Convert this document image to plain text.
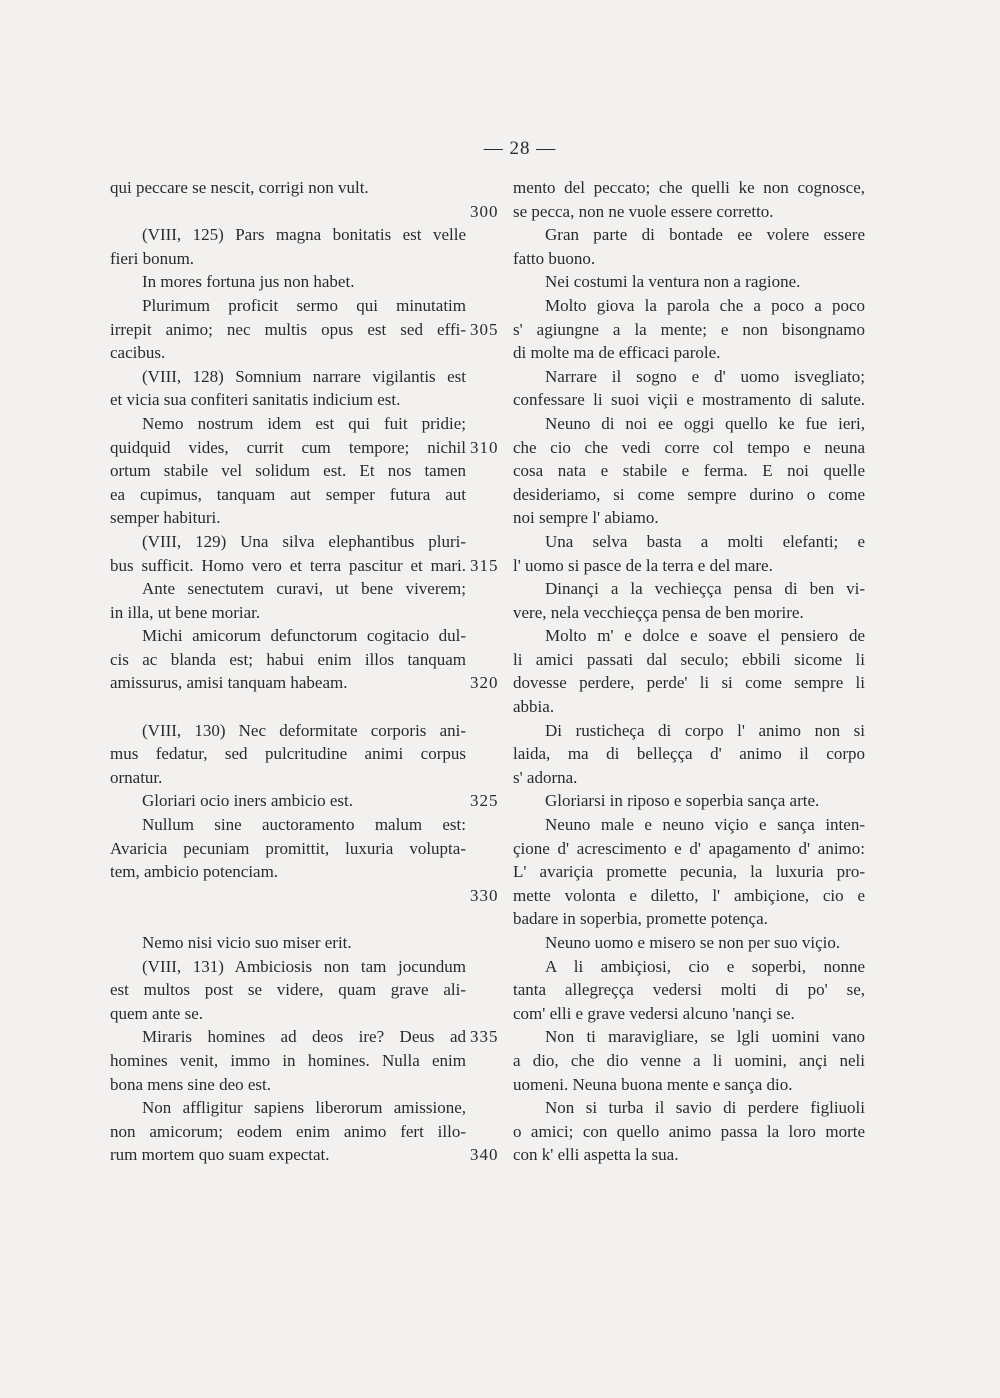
— 28 —
qui peccare se nescit, corrigi non vult.
(VIII, 125) Pars magna bonitatis est velle
fieri bonum.
In mores fortuna jus non habet.
Plurimum proficit sermo qui minutatim
irrepit animo; nec multis opus est sed effi-
cacibus.
(VIII, 128) Somnium narrare vigilantis est
et vicia sua confiteri sanitatis indicium est.
Nemo nostrum idem est qui fuit pridie;
quidquid vides, currit cum tempore; nichil
ortum stabile vel solidum est. Et nos tamen
ea cupimus, tanquam aut semper futura aut
semper habituri.
(VIII, 129) Una silva elephantibus pluri-
bus sufficit. Homo vero et terra pascitur et mari.
Ante senectutem curavi, ut bene viverem;
in illa, ut bene moriar.
Michi amicorum defunctorum cogitacio dul-
cis ac blanda est; habui enim illos tanquam
amissurus, amisi tanquam habeam.
(VIII, 130) Nec deformitate corporis ani-
mus fedatur, sed pulcritudine animi corpus
ornatur.
Gloriari ocio iners ambicio est.
Nullum sine auctoramento malum est:
Avaricia pecuniam promittit, luxuria volupta-
tem, ambicio potenciam.
Nemo nisi vicio suo miser erit.
(VIII, 131) Ambiciosis non tam jocundum
est multos post se videre, quam grave ali-
quem ante se.
Miraris homines ad deos ire? Deus ad
homines venit, immo in homines. Nulla enim
bona mens sine deo est.
Non affligitur sapiens liberorum amissione,
non amicorum; eodem enim animo fert illo-
rum mortem quo suam expectat.
300
305
310
315
320
325
330
335
340
mento del peccato; che quelli ke non cognosce,
se pecca, non ne vuole essere corretto.
Gran parte di bontade ee volere essere
fatto buono.
Nei costumi la ventura non a ragione.
Molto giova la parola che a poco a poco
s' agiungne a la mente; e non bisongnamo
di molte ma de efficaci parole.
Narrare il sogno e d' uomo isvegliato;
confessare li suoi viçii e mostramento di salute.
Neuno di noi ee oggi quello ke fue ieri,
che cio che vedi corre col tempo e neuna
cosa nata e stabile e ferma. E noi quelle
desideriamo, si come sempre durino o come
noi sempre l' abiamo.
Una selva basta a molti elefanti; e
l' uomo si pasce de la terra e del mare.
Dinançi a la vechieçça pensa di ben vi-
vere, nela vecchieçça pensa de ben morire.
Molto m' e dolce e soave el pensiero de
li amici passati dal seculo; ebbili sicome li
dovesse perdere, perde' li si come sempre li
abbia.
Di rusticheça di corpo l' animo non si
laida, ma di belleçça d' animo il corpo
s' adorna.
Gloriarsi in riposo e soperbia sança arte.
Neuno male e neuno viçio e sança inten-
çione d' acrescimento e d' apagamento d' animo:
L' avariçia promette pecunia, la luxuria pro-
mette volonta e diletto, l' ambiçione, cio e
badare in soperbia, promette potença.
Neuno uomo e misero se non per suo viçio.
A li ambiçiosi, cio e soperbi, nonne
tanta allegreçça vedersi molti di po' se,
com' elli e grave vedersi alcuno 'nançi se.
Non ti maravigliare, se lgli uomini vano
a dio, che dio venne a li uomini, ançi neli
uomeni. Neuna buona mente e sança dio.
Non si turba il savio di perdere figliuoli
o amici; con quello animo passa la loro morte
con k' elli aspetta la sua.
